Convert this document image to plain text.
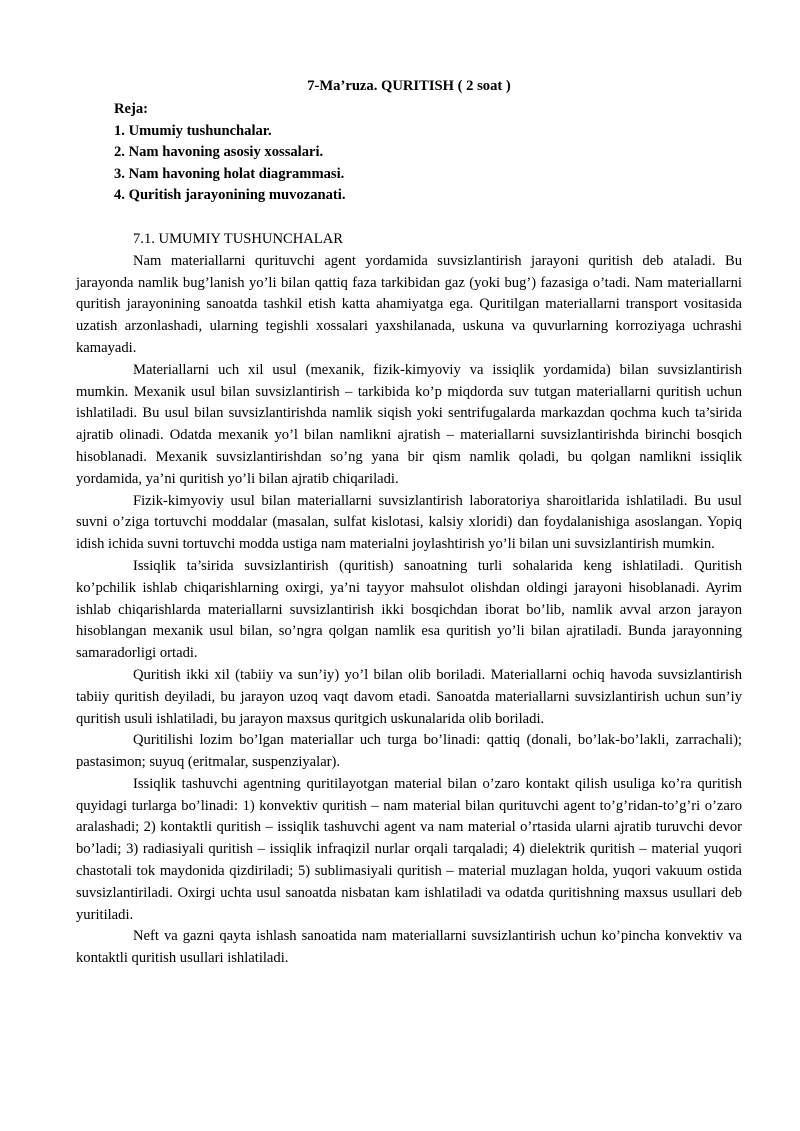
7-Ma’ruza. QURITISH ( 2 soat )
Reja:
1. Umumiy tushunchalar.
2. Nam havoning asosiy xossalari.
3. Nam havoning holat diagrammasi.
4. Quritish jarayonining muvozanati.
7.1. UMUMIY TUSHUNCHALAR

Nam materiallarni qurituvchi agent yordamida suvsizlantirish jarayoni quritish deb ataladi. Bu jarayonda namlik bug’lanish yo’li bilan qattiq faza tarkibidan gaz (yoki bug’) fazasiga o’tadi. Nam materiallarni quritish jarayonining sanoatda tashkil etish katta ahamiyatga ega. Quritilgan materiallarni transport vositasida uzatish arzonlashadi, ularning tegishli xossalari yaxshilanada, uskuna va quvurlarning korroziyaga uchrashi kamayadi.

Materiallarni uch xil usul (mexanik, fizik-kimyoviy va issiqlik yordamida) bilan suvsizlantirish mumkin. Mexanik usul bilan suvsizlantirish – tarkibida ko’p miqdorda suv tutgan materiallarni quritish uchun ishlatiladi. Bu usul bilan suvsizlantirishda namlik siqish yoki sentrifugalarda markazdan qochma kuch ta’sirida ajratib olinadi. Odatda mexanik yo’l bilan namlikni ajratish – materiallarni suvsizlantirishda birinchi bosqich hisoblanadi. Mexanik suvsizlantirishdan so’ng yana bir qism namlik qoladi, bu qolgan namlikni issiqlik yordamida, ya’ni quritish yo’li bilan ajratib chiqariladi.

Fizik-kimyoviy usul bilan materiallarni suvsizlantirish laboratoriya sharoitlarida ishlatiladi. Bu usul suvni o’ziga tortuvchi moddalar (masalan, sulfat kislotasi, kalsiy xloridi) dan foydalanishiga asoslangan. Yopiq idish ichida suvni tortuvchi modda ustiga nam materialni joylashtirish yo’li bilan uni suvsizlantirish mumkin.

Issiqlik ta’sirida suvsizlantirish (quritish) sanoatning turli sohalarida keng ishlatiladi. Quritish ko’pchilik ishlab chiqarishlarning oxirgi, ya’ni tayyor mahsulot olishdan oldingi jarayoni hisoblanadi. Ayrim ishlab chiqarishlarda materiallarni suvsizlantirish ikki bosqichdan iborat bo’lib, namlik avval arzon jarayon hisoblangan mexanik usul bilan, so’ngra qolgan namlik esa quritish yo’li bilan ajratiladi. Bunda jarayonning samaradorligi ortadi.

Quritish ikki xil (tabiiy va sun’iy) yo’l bilan olib boriladi. Materiallarni ochiq havoda suvsizlantirish tabiiy quritish deyiladi, bu jarayon uzoq vaqt davom etadi. Sanoatda materiallarni suvsizlantirish uchun sun’iy quritish usuli ishlatiladi, bu jarayon maxsus quritgich uskunalarida olib boriladi.

Quritilishi lozim bo’lgan materiallar uch turga bo’linadi: qattiq (donali, bo’lak-bo’lakli, zarrachali); pastasimon; suyuq (eritmalar, suspenziyalar).

Issiqlik tashuvchi agentning quritilayotgan material bilan o’zaro kontakt qilish usuliga ko’ra quritish quyidagi turlarga bo’linadi: 1) konvektiv quritish – nam material bilan qurituvchi agent to’g’ridan-to’g’ri o’zaro aralashadi; 2) kontaktli quritish – issiqlik tashuvchi agent va nam material o’rtasida ularni ajratib turuvchi devor bo’ladi; 3) radiasiyali quritish – issiqlik infraqizil nurlar orqali tarqaladi; 4) dielektrik quritish – material yuqori chastotali tok maydonida qizdiriladi; 5) sublimasiyali quritish – material muzlagan holda, yuqori vakuum ostida suvsizlantiriladi. Oxirgi uchta usul sanoatda nisbatan kam ishlatiladi va odatda quritishning maxsus usullari deb yuritiladi.

Neft va gazni qayta ishlash sanoatida nam materiallarni suvsizlantirish uchun ko’pincha konvektiv va kontaktli quritish usullari ishlatiladi.
